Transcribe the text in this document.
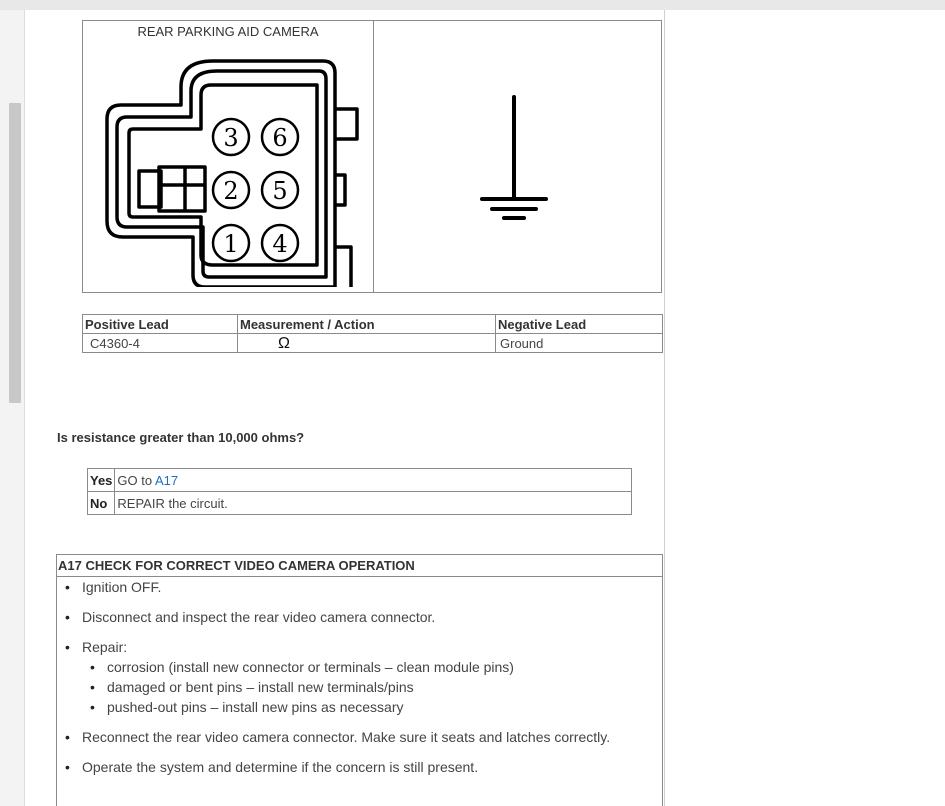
REAR PARKING AID CAMERA
3 6
2 5
1 4
Positive Lead	Measurement / Action	Negative Lead
C4360-4	Ω	Ground
Is resistance greater than 10,000 ohms?
Yes	GO to A17
No	REPAIR the circuit.
A17 CHECK FOR CORRECT VIDEO CAMERA OPERATION
• Ignition OFF.
• Disconnect and inspect the rear video camera connector.
• Repair:
• corrosion (install new connector or terminals – clean module pins)
• damaged or bent pins – install new terminals/pins
• pushed-out pins – install new pins as necessary
• Reconnect the rear video camera connector. Make sure it seats and latches correctly.
• Operate the system and determine if the concern is still present.
